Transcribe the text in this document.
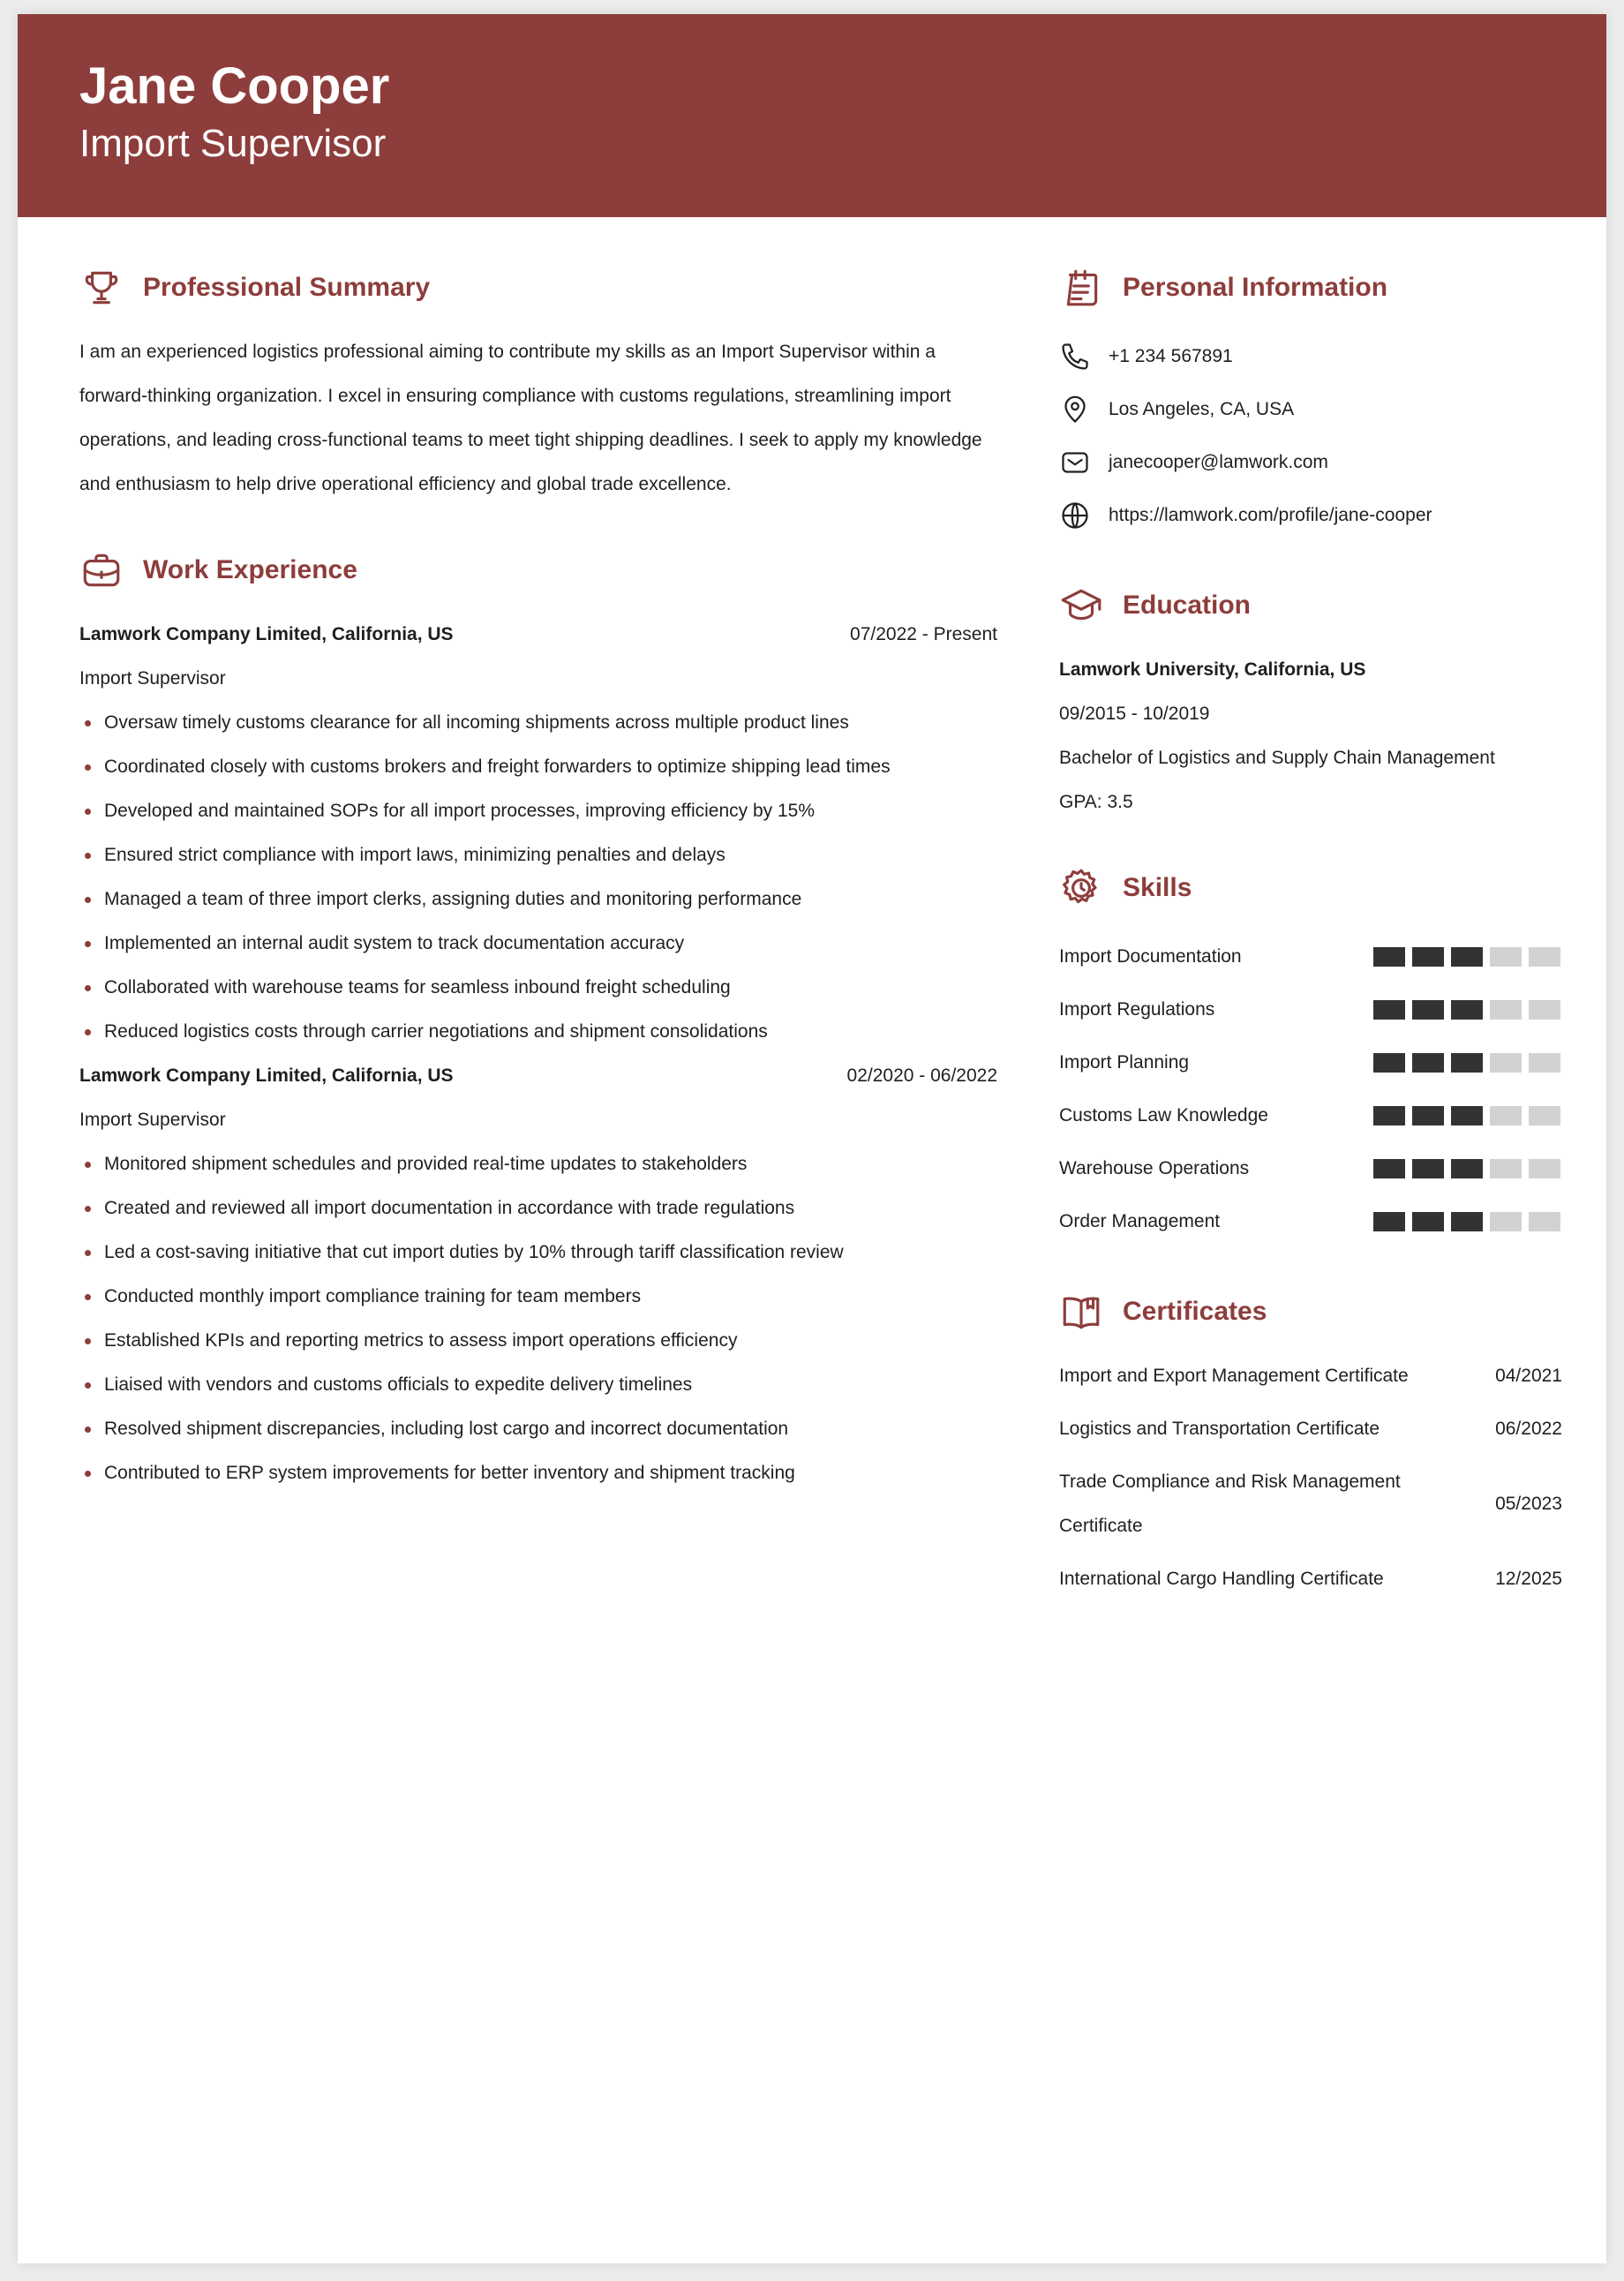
Jane Cooper
Import Supervisor
Professional Summary

I am an experienced logistics professional aiming to contribute my skills as an Import Supervisor within a forward-thinking organization. I excel in ensuring compliance with customs regulations, streamlining import operations, and leading cross-functional teams to meet tight shipping deadlines. I seek to apply my knowledge and enthusiasm to help drive operational efficiency and global trade excellence.

Work Experience
Lamwork Company Limited, California, US	07/2022 - Present
Import Supervisor
Oversaw timely customs clearance for all incoming shipments across multiple product lines
Coordinated closely with customs brokers and freight forwarders to optimize shipping lead times
Developed and maintained SOPs for all import processes, improving efficiency by 15%
Ensured strict compliance with import laws, minimizing penalties and delays
Managed a team of three import clerks, assigning duties and monitoring performance
Implemented an internal audit system to track documentation accuracy
Collaborated with warehouse teams for seamless inbound freight scheduling
Reduced logistics costs through carrier negotiations and shipment consolidations
Lamwork Company Limited, California, US	02/2020 - 06/2022
Import Supervisor
Monitored shipment schedules and provided real-time updates to stakeholders
Created and reviewed all import documentation in accordance with trade regulations
Led a cost-saving initiative that cut import duties by 10% through tariff classification review
Conducted monthly import compliance training for team members
Established KPIs and reporting metrics to assess import operations efficiency
Liaised with vendors and customs officials to expedite delivery timelines
Resolved shipment discrepancies, including lost cargo and incorrect documentation
Contributed to ERP system improvements for better inventory and shipment tracking
Personal Information
+1 234 567891
Los Angeles, CA, USA
janecooper@lamwork.com
https://lamwork.com/profile/jane-cooper
Education
Lamwork University, California, US
09/2015 - 10/2019
Bachelor of Logistics and Supply Chain Management
GPA: 3.5
Skills
Import Documentation
Import Regulations
Import Planning
Customs Law Knowledge
Warehouse Operations
Order Management
Certificates
Import and Export Management Certificate	04/2021
Logistics and Transportation Certificate	06/2022
Trade Compliance and Risk Management Certificate
05/2023
International Cargo Handling Certificate	12/2025
